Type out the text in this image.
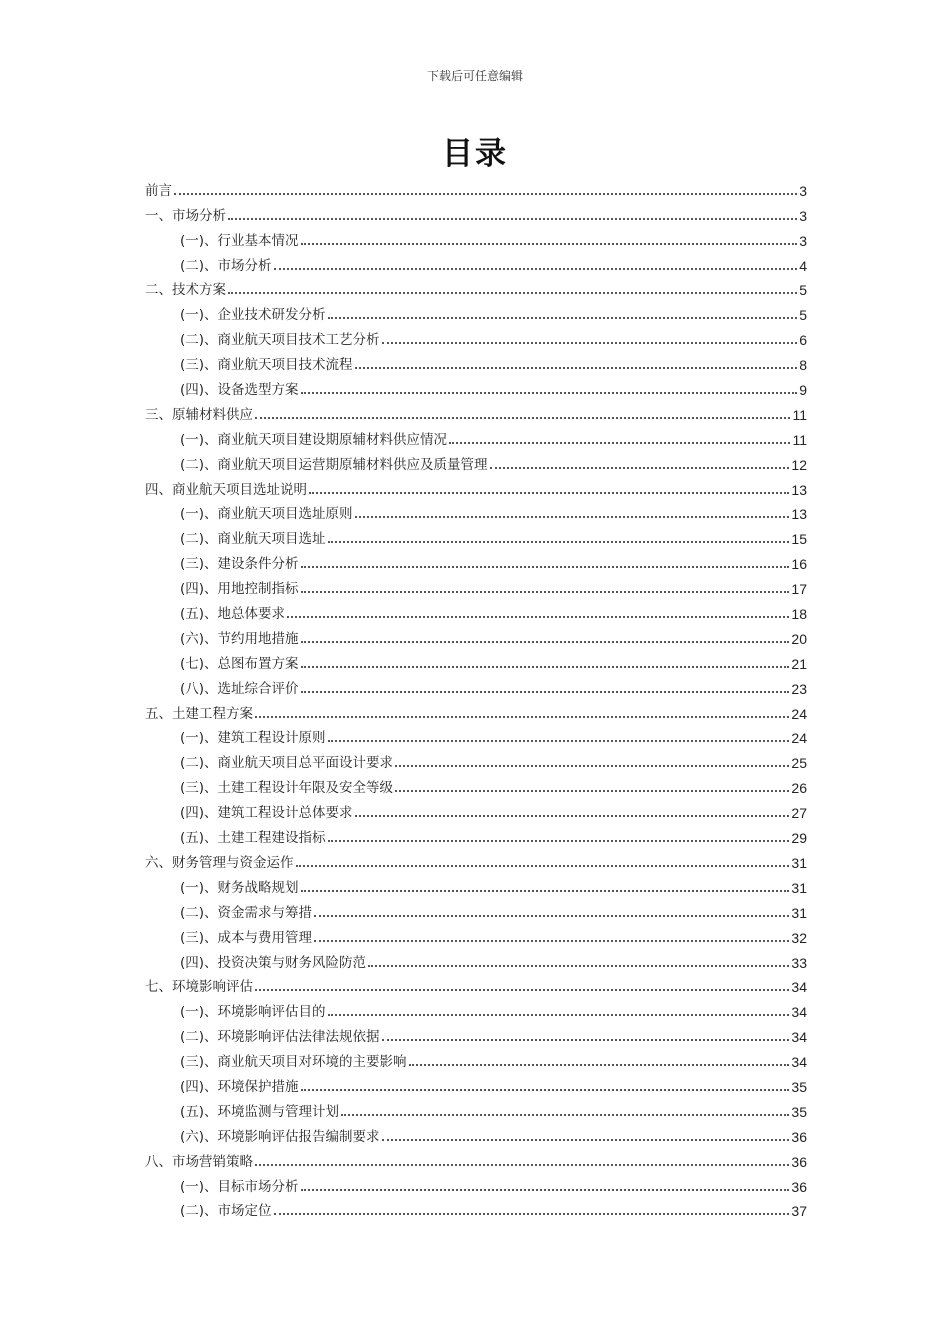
下载后可任意编辑
目录
前言	3
一、市场分析	3
(一)、行业基本情况	3
(二)、市场分析	4
二、技术方案	5
(一)、企业技术研发分析	5
(二)、商业航天项目技术工艺分析	6
(三)、商业航天项目技术流程	8
(四)、设备选型方案	9
三、原辅材料供应	11
(一)、商业航天项目建设期原辅材料供应情况	11
(二)、商业航天项目运营期原辅材料供应及质量管理	12
四、商业航天项目选址说明	13
(一)、商业航天项目选址原则	13
(二)、商业航天项目选址	15
(三)、建设条件分析	16
(四)、用地控制指标	17
(五)、地总体要求	18
(六)、节约用地措施	20
(七)、总图布置方案	21
(八)、选址综合评价	23
五、土建工程方案	24
(一)、建筑工程设计原则	24
(二)、商业航天项目总平面设计要求	25
(三)、土建工程设计年限及安全等级	26
(四)、建筑工程设计总体要求	27
(五)、土建工程建设指标	29
六、财务管理与资金运作	31
(一)、财务战略规划	31
(二)、资金需求与筹措	31
(三)、成本与费用管理	32
(四)、投资决策与财务风险防范	33
七、环境影响评估	34
(一)、环境影响评估目的	34
(二)、环境影响评估法律法规依据	34
(三)、商业航天项目对环境的主要影响	34
(四)、环境保护措施	35
(五)、环境监测与管理计划	35
(六)、环境影响评估报告编制要求	36
八、市场营销策略	36
(一)、目标市场分析	36
(二)、市场定位	37
